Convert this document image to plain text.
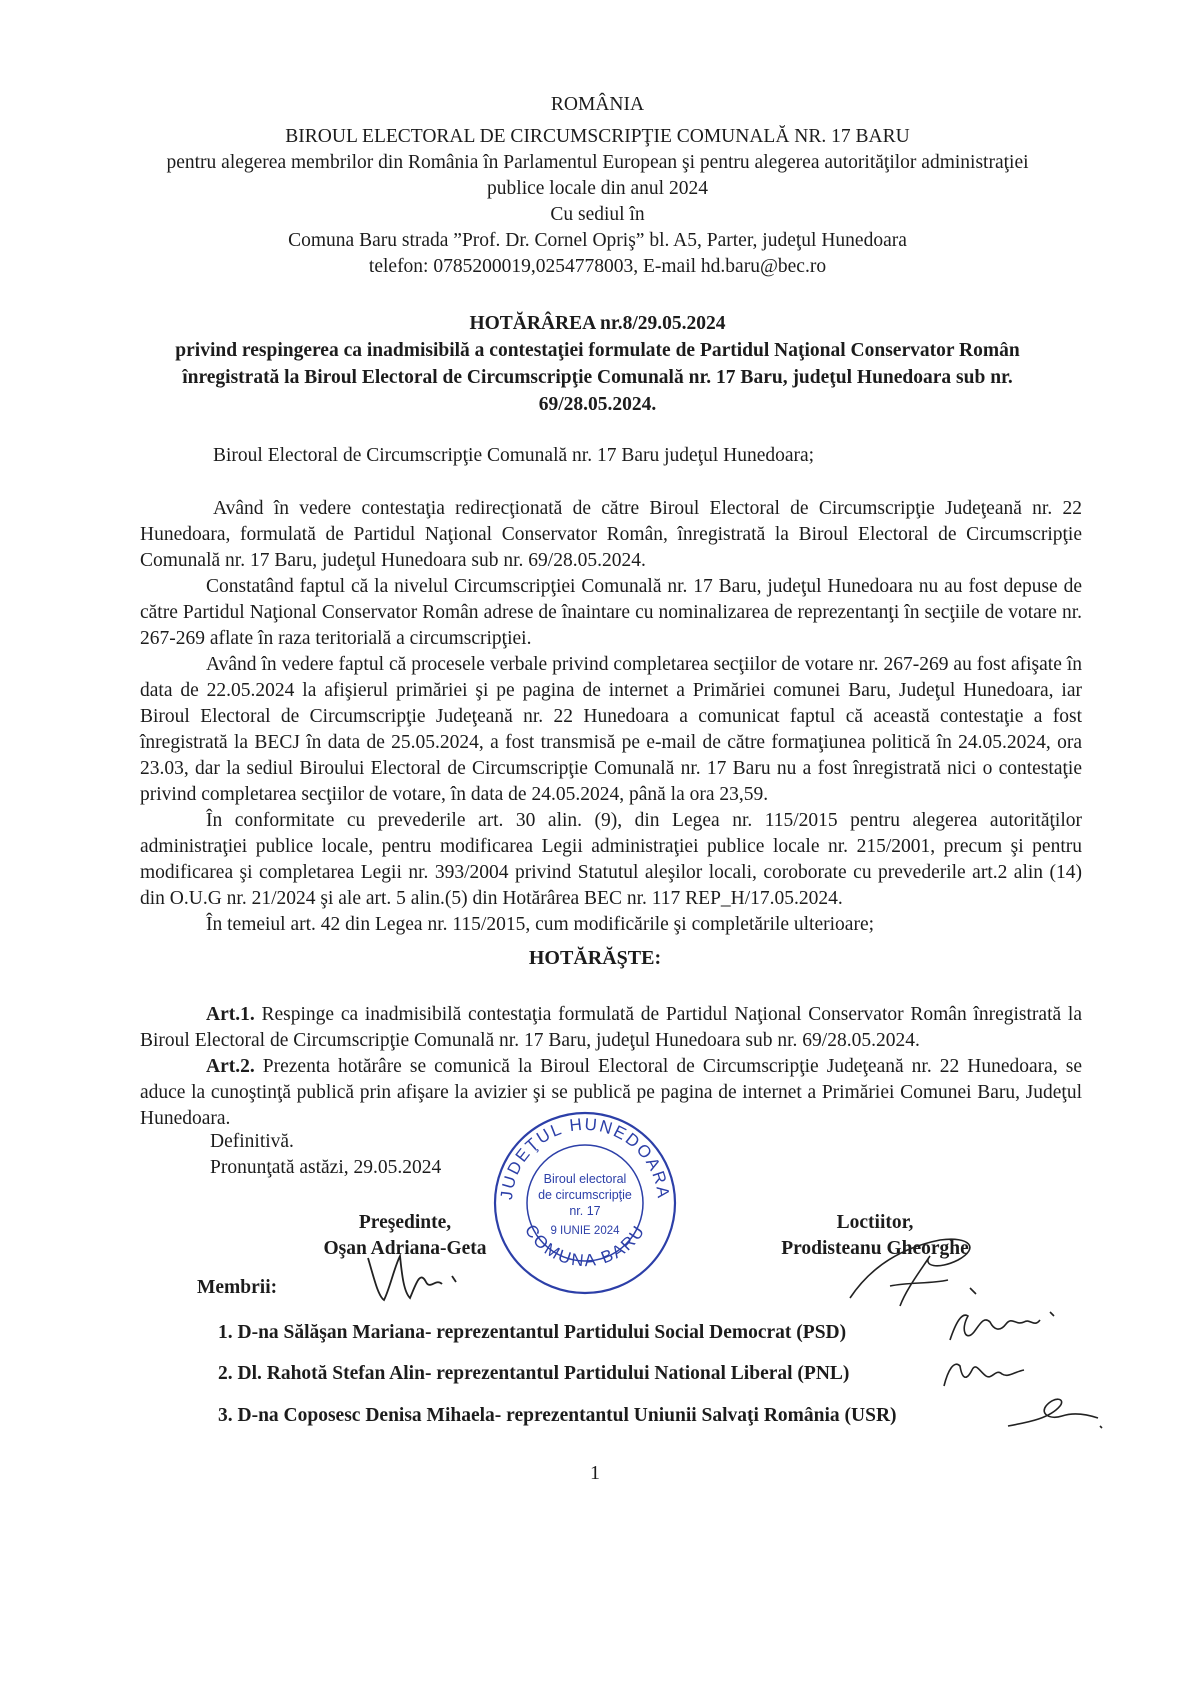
ROMÂNIA
BIROUL ELECTORAL DE CIRCUMSCRIPŢIE COMUNALĂ NR. 17 BARU
pentru alegerea membrilor din România în Parlamentul European şi pentru alegerea autorităţilor administraţiei
publice locale din anul 2024
Cu sediul în
Comuna Baru strada ”Prof. Dr. Cornel Opriş” bl. A5, Parter, judeţul Hunedoara
telefon: 0785200019,0254778003, E-mail hd.baru@bec.ro
HOTĂRÂREA nr.8/29.05.2024
privind respingerea ca inadmisibilă a contestaţiei formulate de Partidul Naţional Conservator Român
înregistrată la Biroul Electoral de Circumscripţie Comunală nr. 17 Baru, judeţul Hunedoara sub nr.
69/28.05.2024.
Biroul Electoral de Circumscripţie Comunală nr. 17 Baru judeţul Hunedoara;

Având în vedere contestaţia redirecţionată de către Biroul Electoral de Circumscripţie Judeţeană nr. 22 Hunedoara, formulată de Partidul Naţional Conservator Român, înregistrată la Biroul Electoral de Circumscripţie Comunală nr. 17 Baru, judeţul Hunedoara sub nr. 69/28.05.2024.

Constatând faptul că la nivelul Circumscripţiei Comunală nr. 17 Baru, judeţul Hunedoara nu au fost depuse de către Partidul Naţional Conservator Român adrese de înaintare cu nominalizarea de reprezentanţi în secţiile de votare nr. 267-269 aflate în raza teritorială a circumscripţiei.

Având în vedere faptul că procesele verbale privind completarea secţiilor de votare nr. 267-269 au fost afişate în data de 22.05.2024 la afişierul primăriei şi pe pagina de internet a Primăriei comunei Baru, Judeţul Hunedoara, iar Biroul Electoral de Circumscripţie Judeţeană nr. 22 Hunedoara a comunicat faptul că această contestaţie a fost înregistrată la BECJ în data de 25.05.2024, a fost transmisă pe e-mail de către formaţiunea politică în 24.05.2024, ora 23.03, dar la sediul Biroului Electoral de Circumscripţie Comunală nr. 17 Baru nu a fost înregistrată nici o contestaţie privind completarea secţiilor de votare, în data de 24.05.2024, până la ora 23,59.

În conformitate cu prevederile art. 30 alin. (9), din Legea nr. 115/2015 pentru alegerea autorităţilor administraţiei publice locale, pentru modificarea Legii administraţiei publice locale nr. 215/2001, precum şi pentru modificarea şi completarea Legii nr. 393/2004 privind Statutul aleşilor locali, coroborate cu prevederile art.2 alin (14) din O.U.G nr. 21/2024 şi ale art. 5 alin.(5) din Hotărârea BEC nr. 117 REP_H/17.05.2024.

În temeiul art. 42 din Legea nr. 115/2015, cum modificările şi completările ulterioare;

HOTĂRĂŞTE:

Art.1. Respinge ca inadmisibilă contestaţia formulată de Partidul Naţional Conservator Român înregistrată la Biroul Electoral de Circumscripţie Comunală nr. 17 Baru, judeţul Hunedoara sub nr. 69/28.05.2024.

Art.2. Prezenta hotărâre se comunică la Biroul Electoral de Circumscripţie Judeţeană nr. 22 Hunedoara, se aduce la cunoştinţă publică prin afişare la avizier şi se publică pe pagina de internet a Primăriei Comunei Baru, Judeţul Hunedoara.

Definitivă.
Pronunţată astăzi, 29.05.2024
JUDEŢUL HUNEDOARA
COMUNA BARU
Biroul electoral
de circumscripţie
nr. 17
9 IUNIE 2024
Preşedinte,
Oşan Adriana-Geta
Loctiitor,
Prodisteanu Gheorghe
Membrii:
1. D-na Sălăşan Mariana- reprezentantul Partidului Social Democrat (PSD)
2. Dl. Rahotă Stefan Alin- reprezentantul Partidului National Liberal (PNL)
3. D-na Coposesc Denisa Mihaela- reprezentantul Uniunii Salvaţi România (USR)
1
